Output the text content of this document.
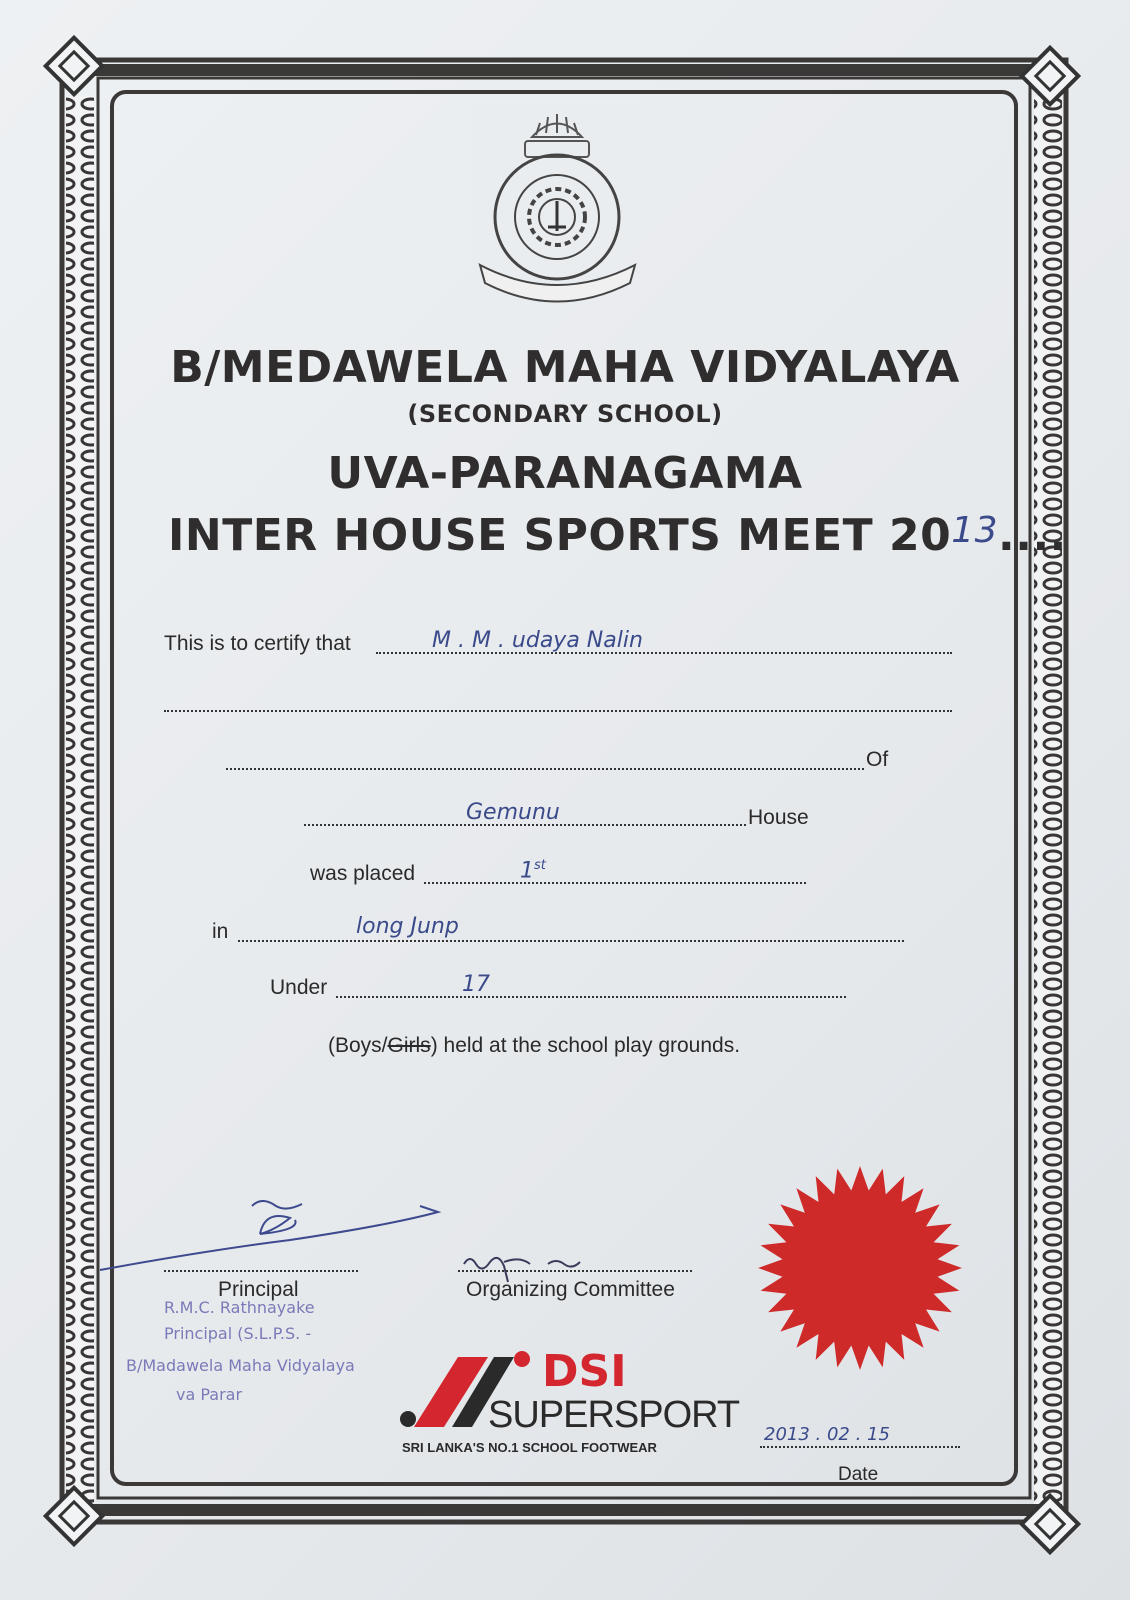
B/MEDAWELA MAHA VIDYALAYA
(SECONDARY SCHOOL)
UVA-PARANAGAMA
INTER HOUSE SPORTS MEET 2013....
This is to certify that	M . M . udaya Nalin
Of
Gemunu	House
was placed	1st
in	long Junp
Under	17
(Boys/Girls) held at the school play grounds.
Principal
R.M.C. Rathnayake
Principal (S.L.P.S. -
B/Madawela Maha Vidyalaya
va Parar
Organizing Committee
DSI
SUPERSPORT
SRI LANKA'S NO.1 SCHOOL FOOTWEAR
2013 . 02 . 15
Date
